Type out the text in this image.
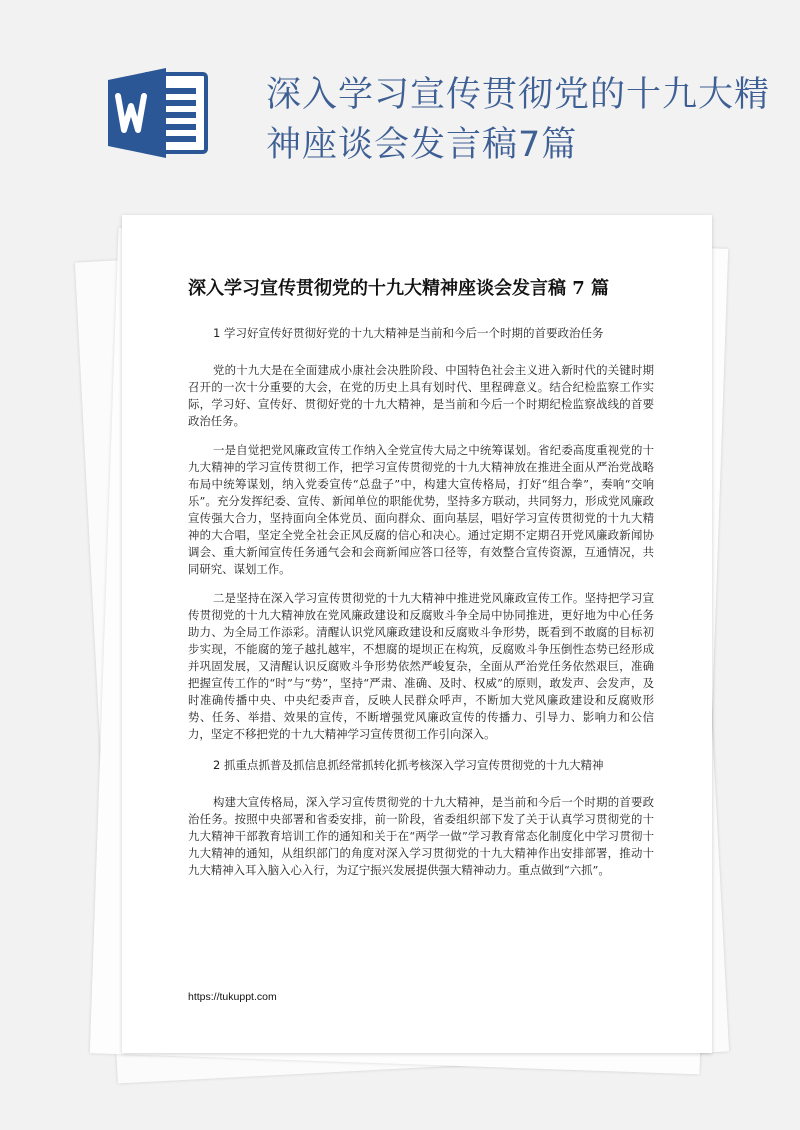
深入学习宣传贯彻党的十九大精神座谈会发言稿7篇
深入学习宣传贯彻党的十九大精神座谈会发言稿 7 篇

1 学习好宣传好贯彻好党的十九大精神是当前和今后一个时期的首要政治任务

党的十九大是在全面建成小康社会决胜阶段、中国特色社会主义进入新时代的关键时期召开的一次十分重要的大会，在党的历史上具有划时代、里程碑意义。结合纪检监察工作实际，学习好、宣传好、贯彻好党的十九大精神，是当前和今后一个时期纪检监察战线的首要政治任务。

一是自觉把党风廉政宣传工作纳入全党宣传大局之中统筹谋划。省纪委高度重视党的十九大精神的学习宣传贯彻工作，把学习宣传贯彻党的十九大精神放在推进全面从严治党战略布局中统筹谋划，纳入党委宣传“总盘子”中，构建大宣传格局，打好“组合拳”，奏响“交响乐”。充分发挥纪委、宣传、新闻单位的职能优势，坚持多方联动，共同努力，形成党风廉政宣传强大合力，坚持面向全体党员、面向群众、面向基层，唱好学习宣传贯彻党的十九大精神的大合唱，坚定全党全社会正风反腐的信心和决心。通过定期不定期召开党风廉政新闻协调会、重大新闻宣传任务通气会和会商新闻应答口径等，有效整合宣传资源，互通情况，共同研究、谋划工作。

二是坚持在深入学习宣传贯彻党的十九大精神中推进党风廉政宣传工作。坚持把学习宣传贯彻党的十九大精神放在党风廉政建设和反腐败斗争全局中协同推进，更好地为中心任务助力、为全局工作添彩。清醒认识党风廉政建设和反腐败斗争形势，既看到不敢腐的目标初步实现，不能腐的笼子越扎越牢，不想腐的堤坝正在构筑，反腐败斗争压倒性态势已经形成并巩固发展，又清醒认识反腐败斗争形势依然严峻复杂，全面从严治党任务依然艰巨，准确把握宣传工作的“时”与“势”，坚持“严肃、准确、及时、权威”的原则，敢发声、会发声，及时准确传播中央、中央纪委声音，反映人民群众呼声，不断加大党风廉政建设和反腐败形势、任务、举措、效果的宣传，不断增强党风廉政宣传的传播力、引导力、影响力和公信力，坚定不移把党的十九大精神学习宣传贯彻工作引向深入。

2 抓重点抓普及抓信息抓经常抓转化抓考核深入学习宣传贯彻党的十九大精神

构建大宣传格局，深入学习宣传贯彻党的十九大精神，是当前和今后一个时期的首要政治任务。按照中央部署和省委安排，前一阶段，省委组织部下发了关于认真学习贯彻党的十九大精神干部教育培训工作的通知和关于在“两学一做”学习教育常态化制度化中学习贯彻十九大精神的通知，从组织部门的角度对深入学习贯彻党的十九大精神作出安排部署，推动十九大精神入耳入脑入心入行，为辽宁振兴发展提供强大精神动力。重点做到“六抓”。

https://tukuppt.com
